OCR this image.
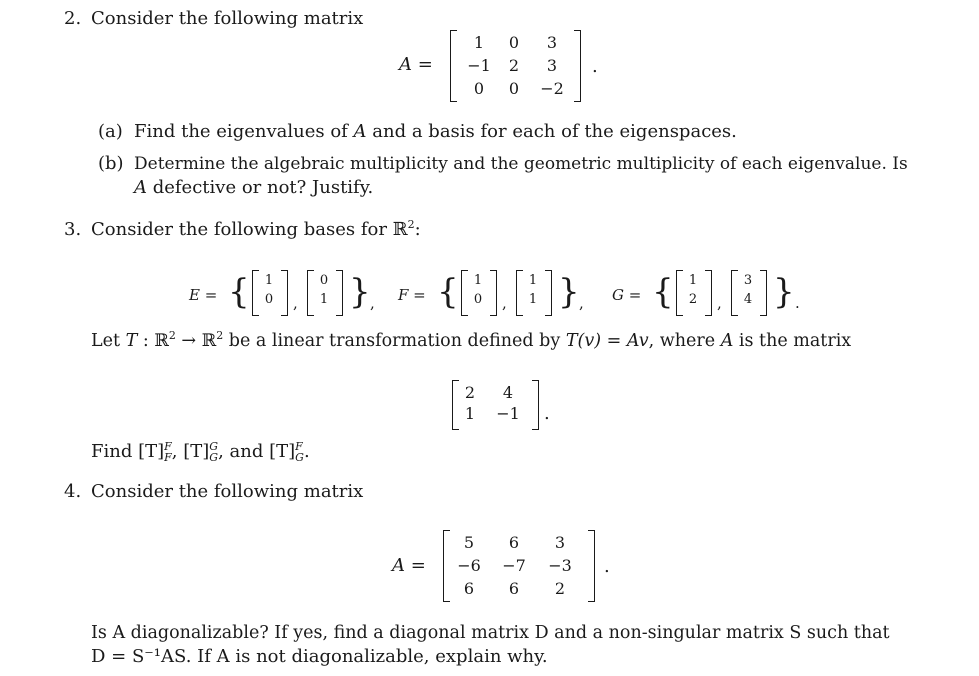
2. Consider the following matrix
A =
1	0	3
−1	2	3
0	0	−2
.
(a) Find the eigenvalues of A and a basis for each of the eigenspaces.
(b) Determine the algebraic multiplicity and the geometric multiplicity of each eigenvalue. Is
A defective or not? Justify.
3. Consider the following bases for ℝ$^2$:
E = {	1
0	,
0
1 } , F = {	1
0	,
1
1 } , G = {	1
2	,
3
4 } .
Let T : ℝ$^2$ → ℝ$^2$ be a linear transformation defined by T(v) = Av, where A is the matrix
2	4
1	−1 .
Find [T] F
F , [T] G
G , and [T] F
G .
4. Consider the following matrix
A =
5	6	3
−6	−7	−3
6	6	2
.
Is A diagonalizable? If yes, find a diagonal matrix D and a non-singular matrix S such that
D = S⁻¹AS. If A is not diagonalizable, explain why.
